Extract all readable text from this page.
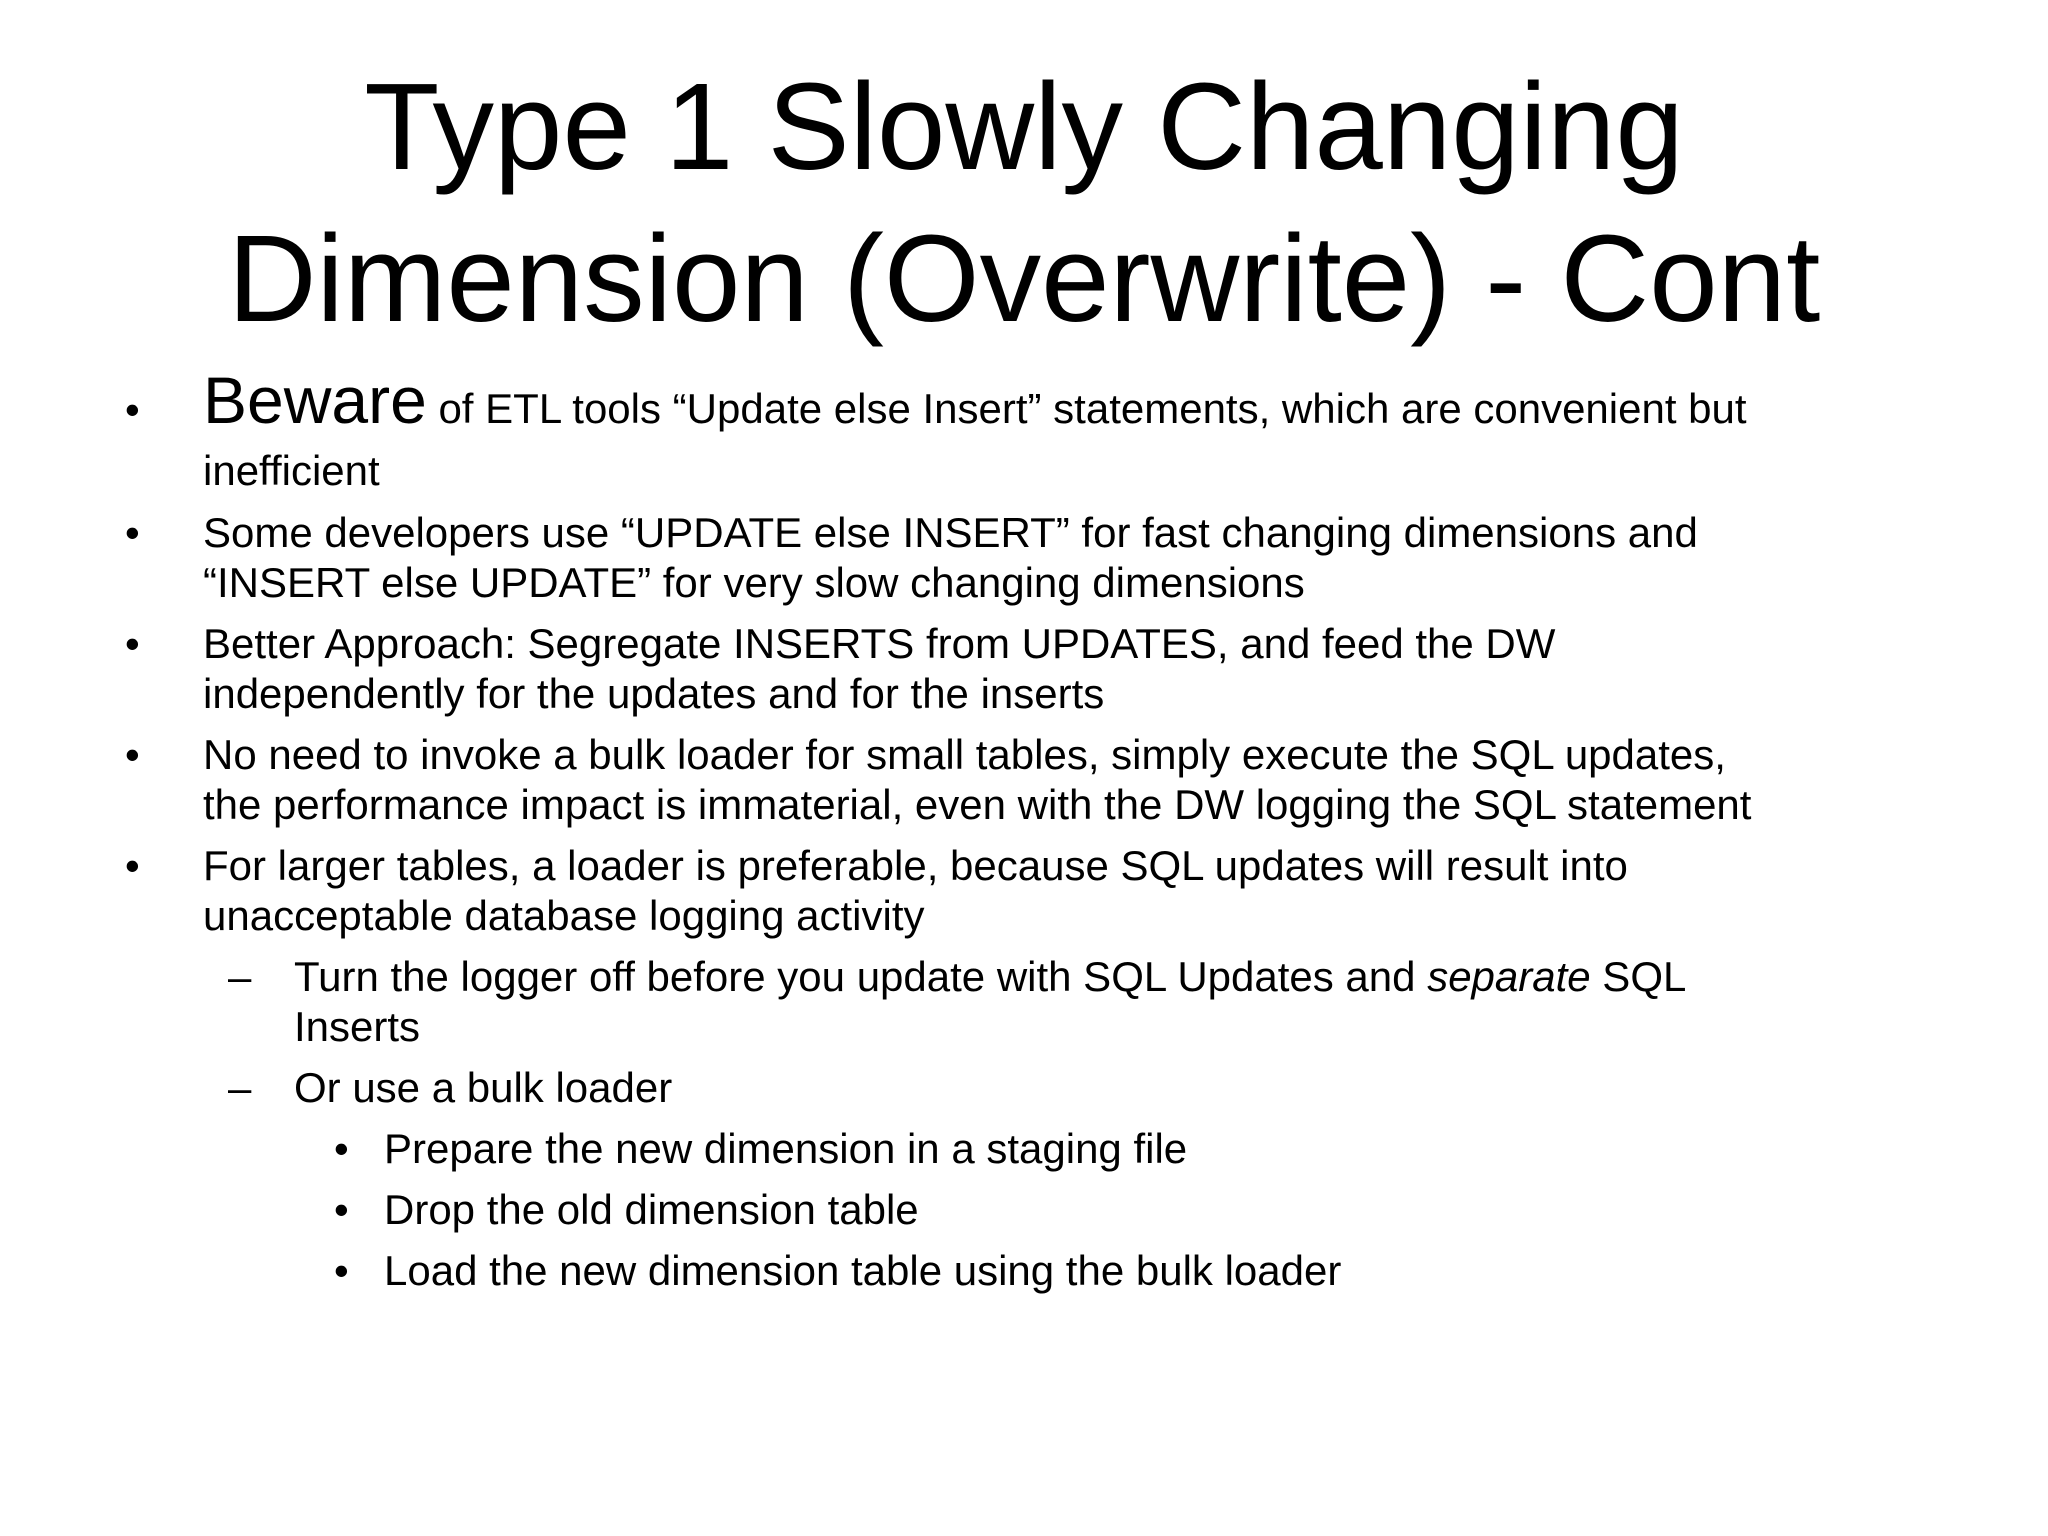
Type 1 Slowly Changing
Dimension (Overwrite) - Cont
• Beware of ETL tools “Update else Insert” statements, which are convenient but
inefficient
• Some developers use “UPDATE else INSERT” for fast changing dimensions and
“INSERT else UPDATE” for very slow changing dimensions
• Better Approach: Segregate INSERTS from UPDATES, and feed the DW
independently for the updates and for the inserts
• No need to invoke a bulk loader for small tables, simply execute the SQL updates,
the performance impact is immaterial, even with the DW logging the SQL statement
• For larger tables, a loader is preferable, because SQL updates will result into
unacceptable database logging activity
– Turn the logger off before you update with SQL Updates and separate SQL
Inserts
– Or use a bulk loader
• Prepare the new dimension in a staging file
• Drop the old dimension table
• Load the new dimension table using the bulk loader
